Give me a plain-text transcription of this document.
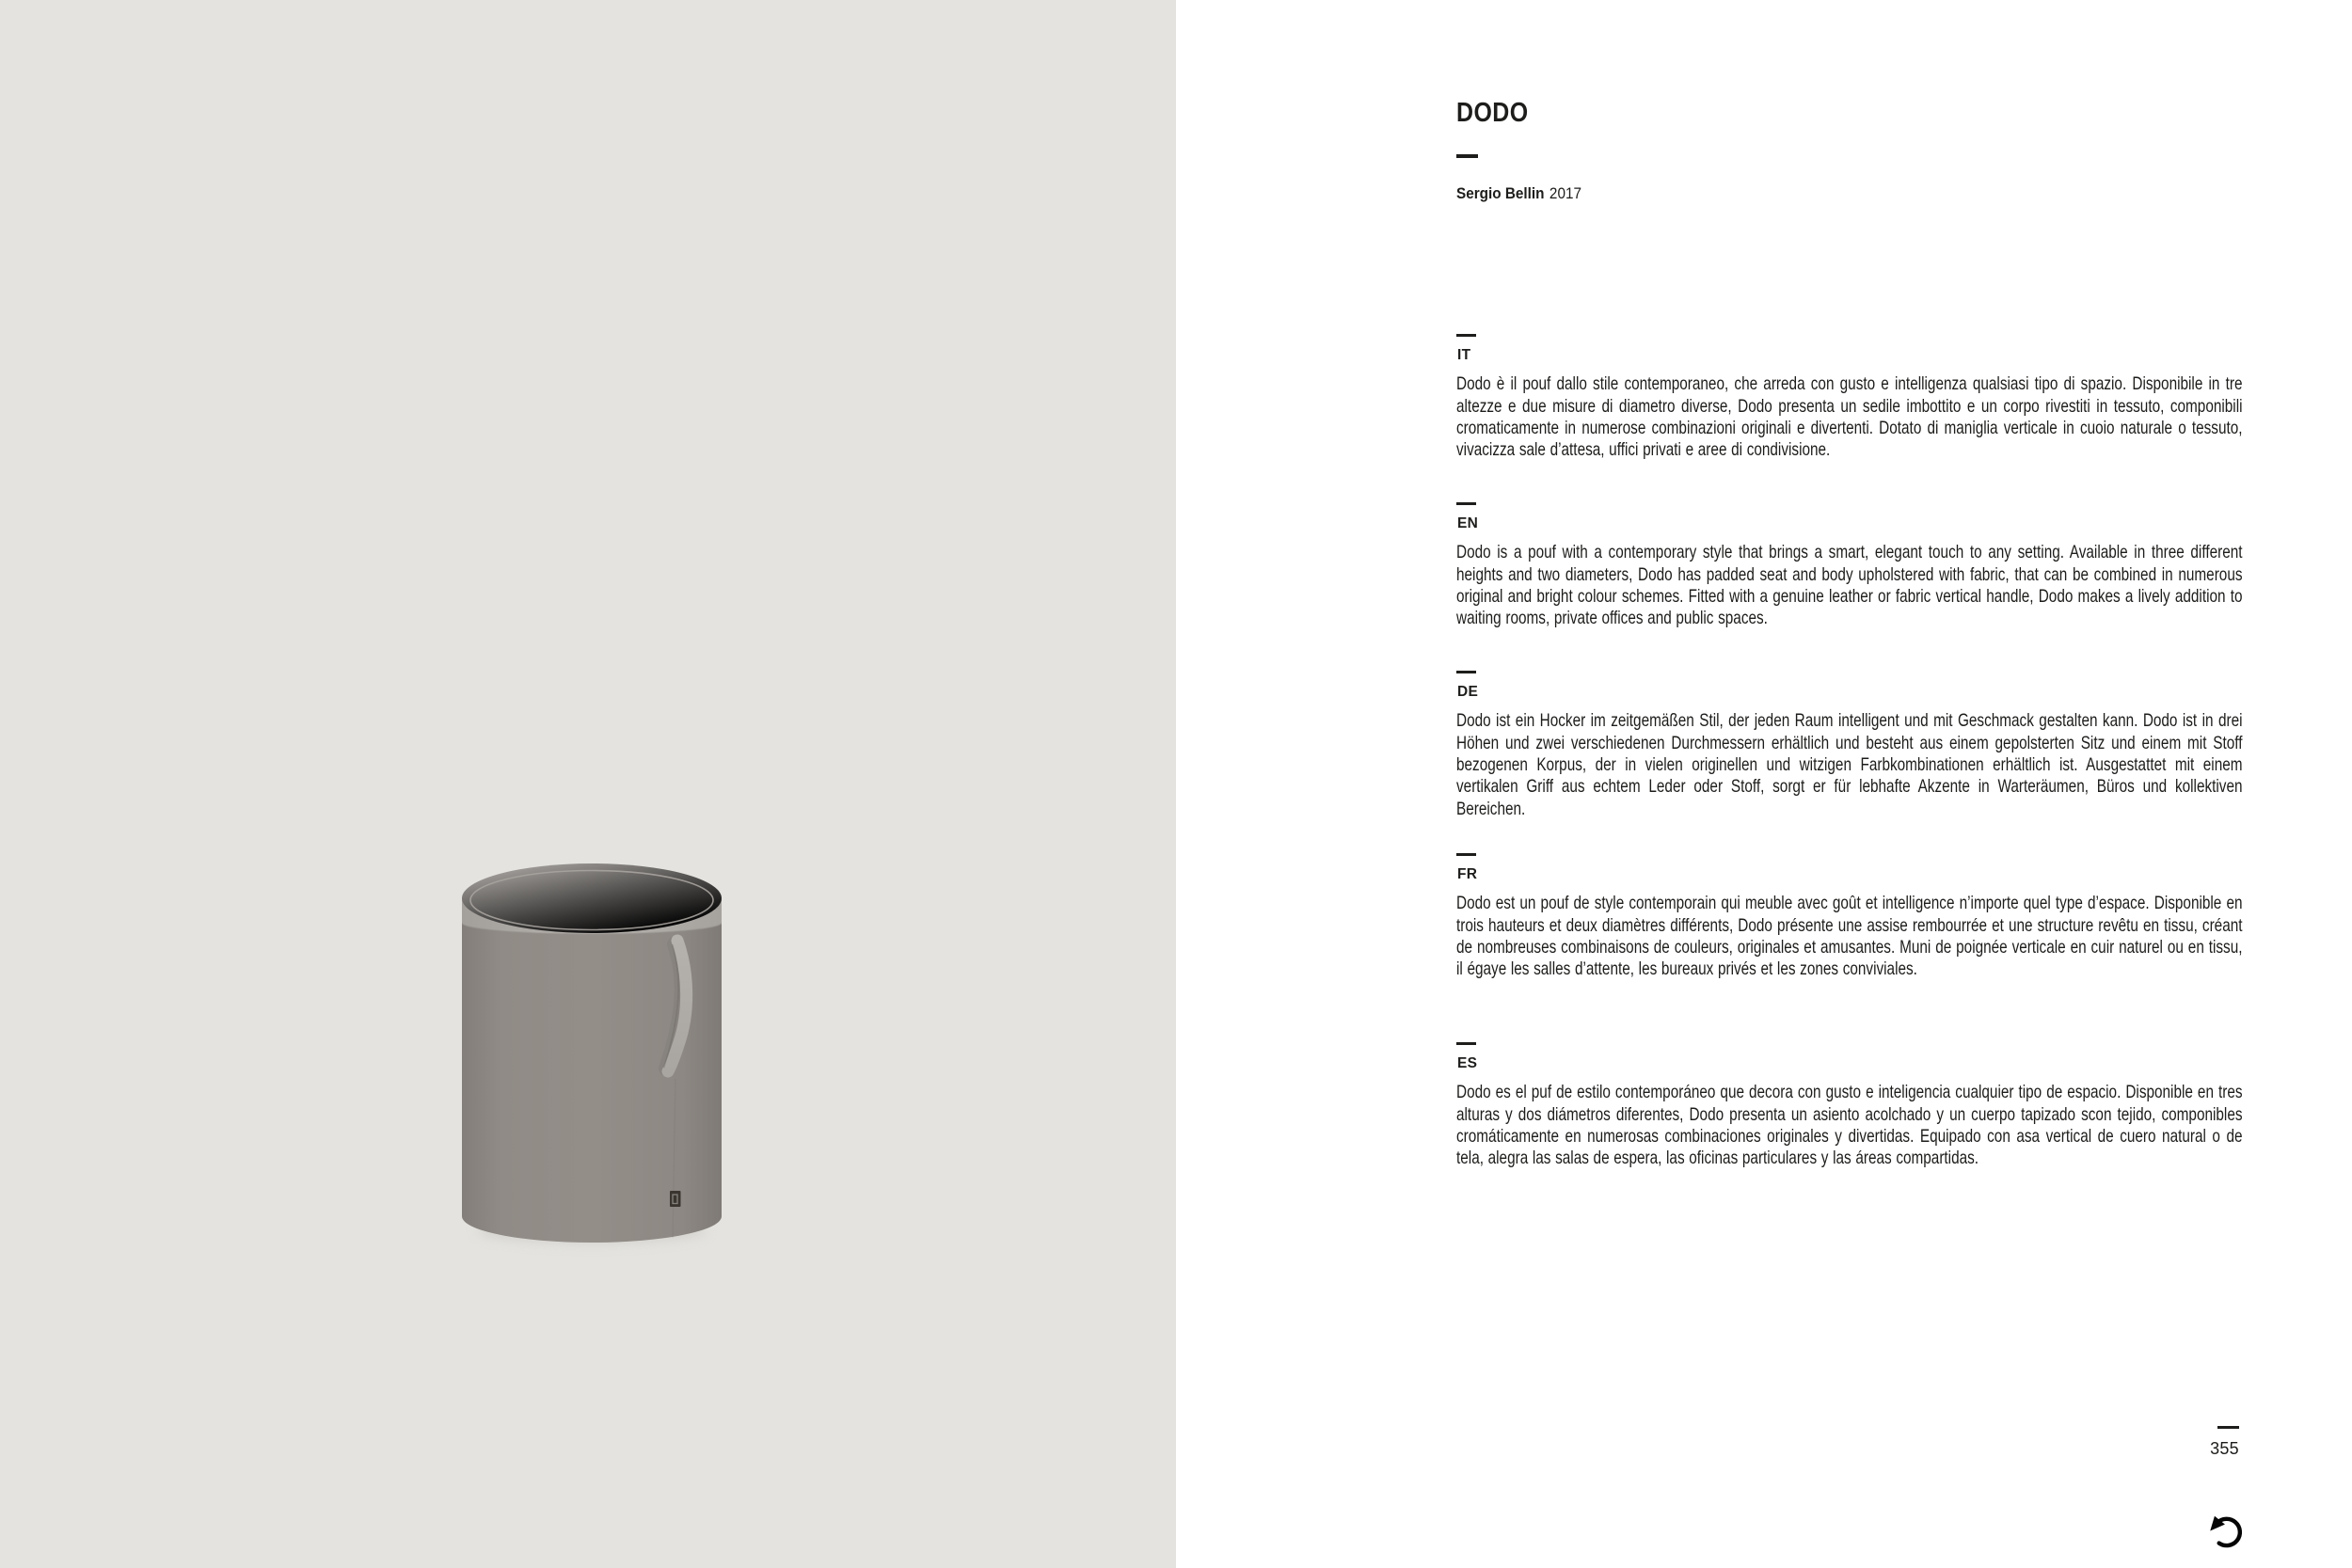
DODO

Sergio Bellin 2017

IT

Dodo è il pouf dallo stile contemporaneo, che arreda con gusto e intelligenza qualsiasi tipo di spazio. Disponibile in tre altezze e due misure di diametro diverse, Dodo presenta un sedile imbottito e un corpo rivestiti in tessuto, componibili cromaticamente in numerose combinazioni originali e divertenti. Dotato di maniglia verticale in cuoio naturale o tessuto, vivacizza sale d’attesa, uffici privati e aree di condivisione.

EN

Dodo is a pouf with a contemporary style that brings a smart, elegant touch to any setting. Available in three different heights and two diameters, Dodo has padded seat and body upholstered with fabric, that can be combined in numerous original and bright colour schemes. Fitted with a genuine leather or fabric vertical handle, Dodo makes a lively addition to waiting rooms, private offices and public spaces.

DE

Dodo ist ein Hocker im zeitgemäßen Stil, der jeden Raum intelligent und mit Geschmack gestalten kann. Dodo ist in drei Höhen und zwei verschiedenen Durchmessern erhältlich und besteht aus einem gepolsterten Sitz und einem mit Stoff bezogenen Korpus, der in vielen originellen und witzigen Farbkombinationen erhältlich ist. Ausgestattet mit einem vertikalen Griff aus echtem Leder oder Stoff, sorgt er für lebhafte Akzente in Warteräumen, Büros und kollektiven Bereichen.

FR

Dodo est un pouf de style contemporain qui meuble avec goût et intelligence n’importe quel type d’espace. Disponible en trois hauteurs et deux diamètres différents, Dodo présente une assise rembourrée et une structure revêtu en tissu, créant de nombreuses combinaisons de couleurs, originales et amusantes. Muni de poignée verticale en cuir naturel ou en tissu, il égaye les salles d’attente, les bureaux privés et les zones conviviales.

ES

Dodo es el puf de estilo contemporáneo que decora con gusto e inteligencia cualquier tipo de espacio. Disponible en tres alturas y dos diámetros diferentes, Dodo presenta un asiento acolchado y un cuerpo tapizado scon tejido, componibles cromáticamente en numerosas combinaciones originales y divertidas. Equipado con asa vertical de cuero natural o de tela, alegra las salas de espera, las oficinas particulares y las áreas compartidas.

355
